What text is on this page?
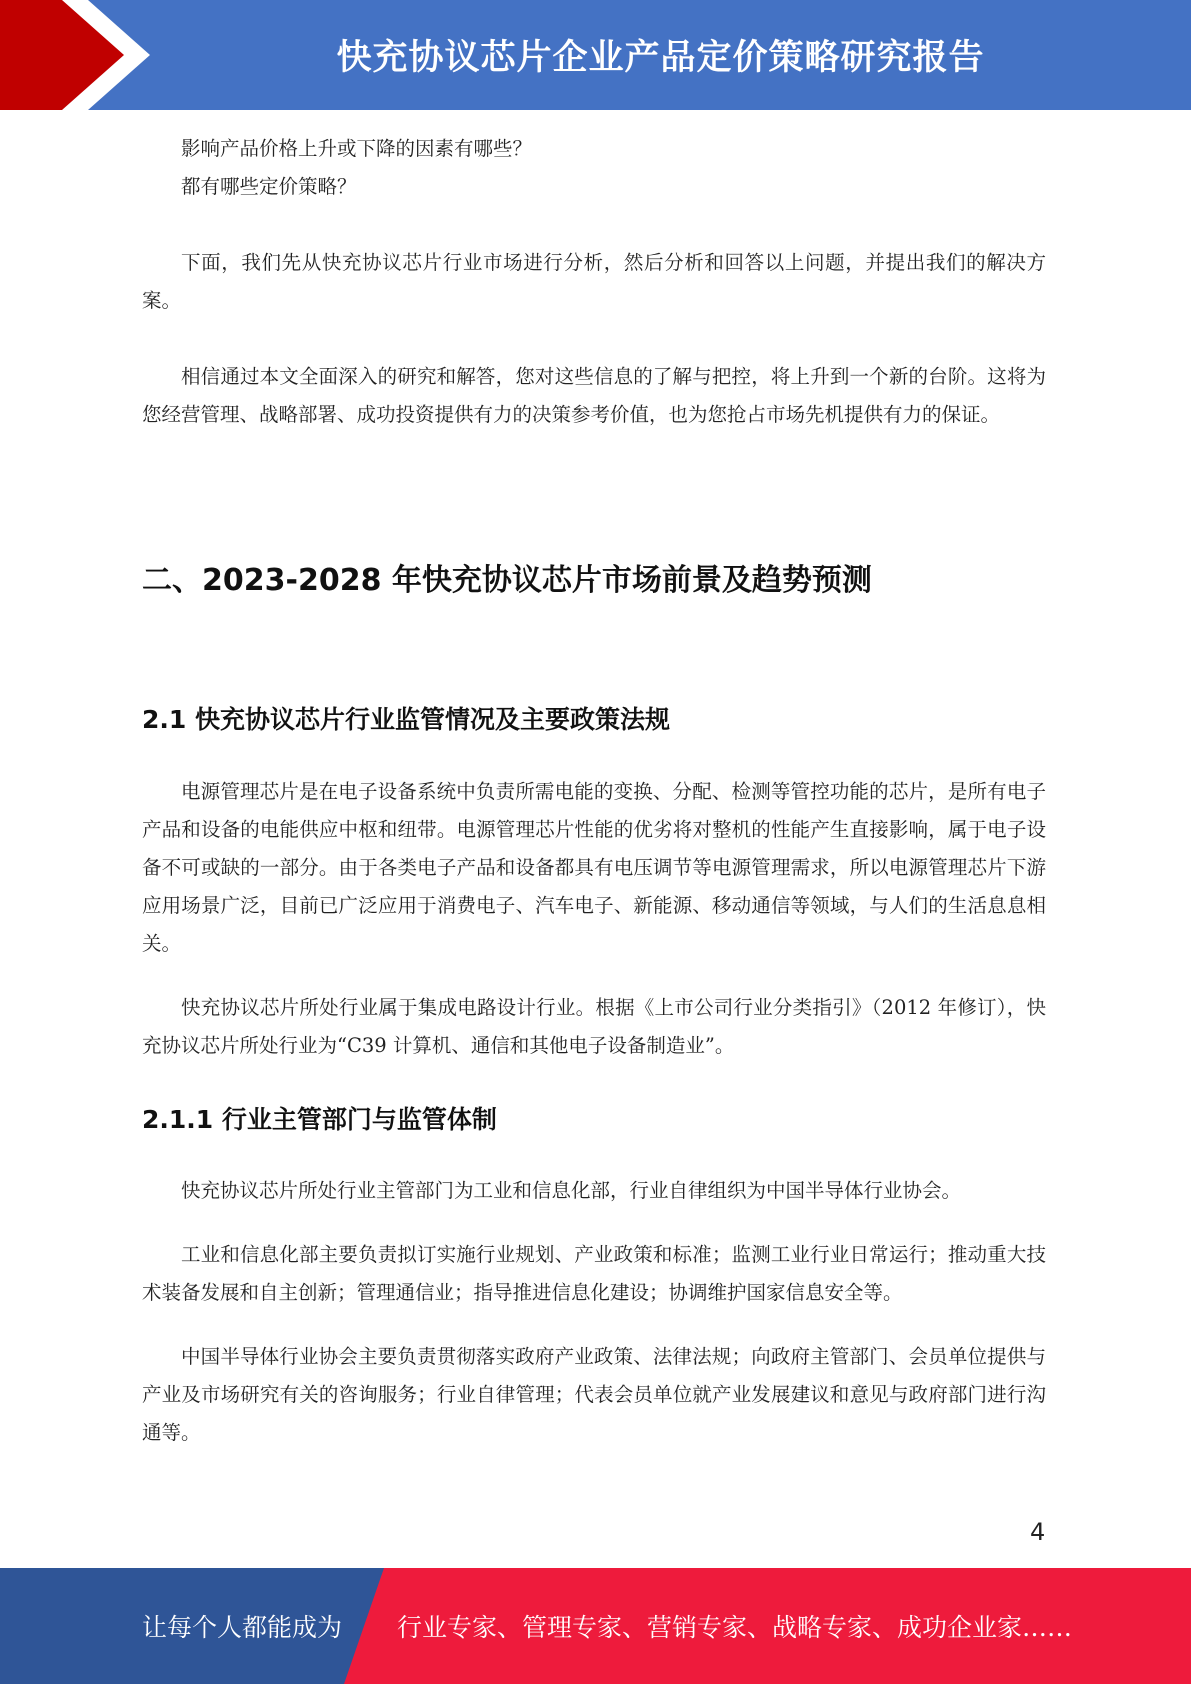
快充协议芯片企业产品定价策略研究报告

影响产品价格上升或下降的因素有哪些？

都有哪些定价策略？

下面，我们先从快充协议芯片行业市场进行分析，然后分析和回答以上问题，并提出我们的解决方案。

相信通过本文全面深入的研究和解答，您对这些信息的了解与把控，将上升到一个新的台阶。这将为您经营管理、战略部署、成功投资提供有力的决策参考价值，也为您抢占市场先机提供有力的保证。

二、2023-2028 年快充协议芯片市场前景及趋势预测
2.1 快充协议芯片行业监管情况及主要政策法规

电源管理芯片是在电子设备系统中负责所需电能的变换、分配、检测等管控功能的芯片，是所有电子产品和设备的电能供应中枢和纽带。电源管理芯片性能的优劣将对整机的性能产生直接影响，属于电子设备不可或缺的一部分。由于各类电子产品和设备都具有电压调节等电源管理需求，所以电源管理芯片下游应用场景广泛，目前已广泛应用于消费电子、汽车电子、新能源、移动通信等领域，与人们的生活息息相关。

快充协议芯片所处行业属于集成电路设计行业。根据《上市公司行业分类指引》（2012 年修订），快充协议芯片所处行业为“C39 计算机、通信和其他电子设备制造业”。

2.1.1 行业主管部门与监管体制

快充协议芯片所处行业主管部门为工业和信息化部，行业自律组织为中国半导体行业协会。

工业和信息化部主要负责拟订实施行业规划、产业政策和标准；监测工业行业日常运行；推动重大技术装备发展和自主创新；管理通信业；指导推进信息化建设；协调维护国家信息安全等。

中国半导体行业协会主要负责贯彻落实政府产业政策、法律法规；向政府主管部门、会员单位提供与产业及市场研究有关的咨询服务；行业自律管理；代表会员单位就产业发展建议和意见与政府部门进行沟通等。

4
让每个人都能成为 行业专家、管理专家、营销专家、战略专家、成功企业家……
